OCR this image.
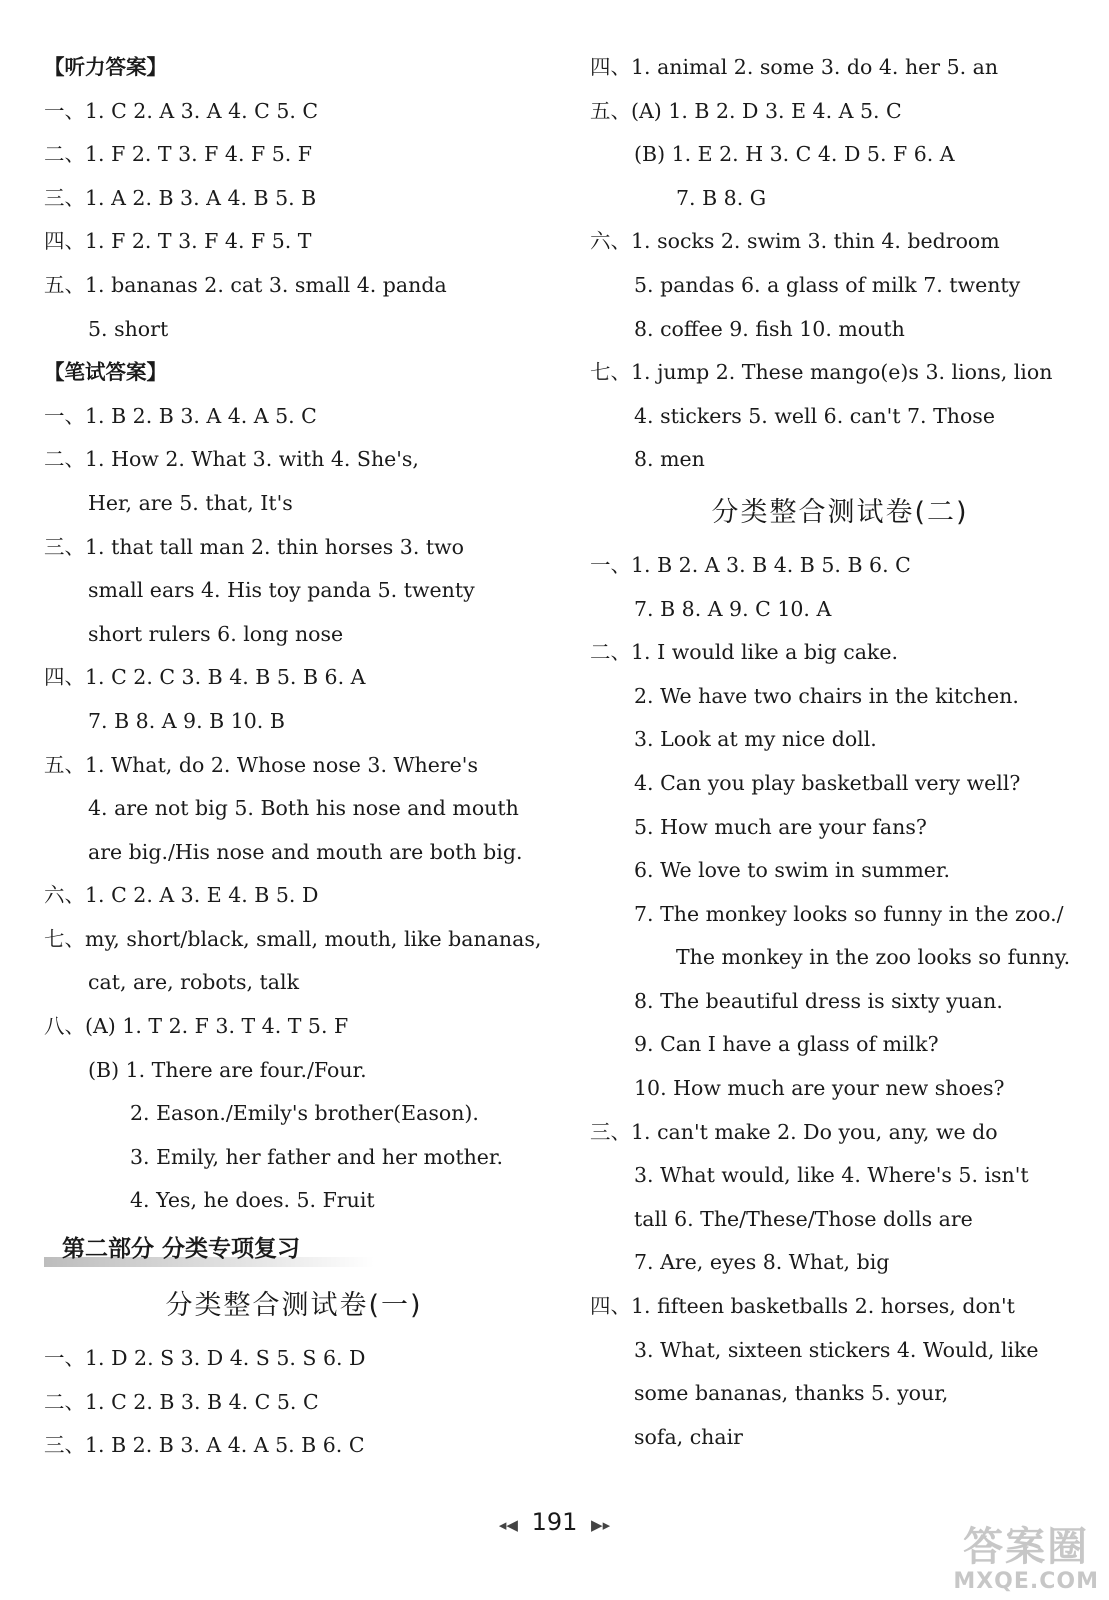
【听力答案】
一、1. C 2. A 3. A 4. C 5. C
二、1. F 2. T 3. F 4. F 5. F
三、1. A 2. B 3. A 4. B 5. B
四、1. F 2. T 3. F 4. F 5. T
五、1. bananas 2. cat 3. small 4. panda
5. short
【笔试答案】
一、1. B 2. B 3. A 4. A 5. C
二、1. How 2. What 3. with 4. She's,
Her, are 5. that, It's
三、1. that tall man 2. thin horses 3. two
small ears 4. His toy panda 5. twenty
short rulers 6. long nose
四、1. C 2. C 3. B 4. B 5. B 6. A
7. B 8. A 9. B 10. B
五、1. What, do 2. Whose nose 3. Where's
4. are not big 5. Both his nose and mouth
are big./His nose and mouth are both big.
六、1. C 2. A 3. E 4. B 5. D
七、my, short/black, small, mouth, like bananas,
cat, are, robots, talk
八、(A) 1. T 2. F 3. T 4. T 5. F
(B) 1. There are four./Four.
2. Eason./Emily's brother(Eason).
3. Emily, her father and her mother.
4. Yes, he does. 5. Fruit
第二部分 分类专项复习
分类整合测试卷(一)
一、1. D 2. S 3. D 4. S 5. S 6. D
二、1. C 2. B 3. B 4. C 5. C
三、1. B 2. B 3. A 4. A 5. B 6. C
四、1. animal 2. some 3. do 4. her 5. an
五、(A) 1. B 2. D 3. E 4. A 5. C
(B) 1. E 2. H 3. C 4. D 5. F 6. A
7. B 8. G
六、1. socks 2. swim 3. thin 4. bedroom
5. pandas 6. a glass of milk 7. twenty
8. coffee 9. fish 10. mouth
七、1. jump 2. These mango(e)s 3. lions, lion
4. stickers 5. well 6. can't 7. Those
8. men
分类整合测试卷(二)
一、1. B 2. A 3. B 4. B 5. B 6. C
7. B 8. A 9. C 10. A
二、1. I would like a big cake.
2. We have two chairs in the kitchen.
3. Look at my nice doll.
4. Can you play basketball very well?
5. How much are your fans?
6. We love to swim in summer.
7. The monkey looks so funny in the zoo./
The monkey in the zoo looks so funny.
8. The beautiful dress is sixty yuan.
9. Can I have a glass of milk?
10. How much are your new shoes?
三、1. can't make 2. Do you, any, we do
3. What would, like 4. Where's 5. isn't
tall 6. The/These/Those dolls are
7. Are, eyes 8. What, big
四、1. fifteen basketballs 2. horses, don't
3. What, sixteen stickers 4. Would, like
some bananas, thanks 5. your,
sofa, chair
◂◀ 191 ▶▸	答案圈
MXQE.COM
